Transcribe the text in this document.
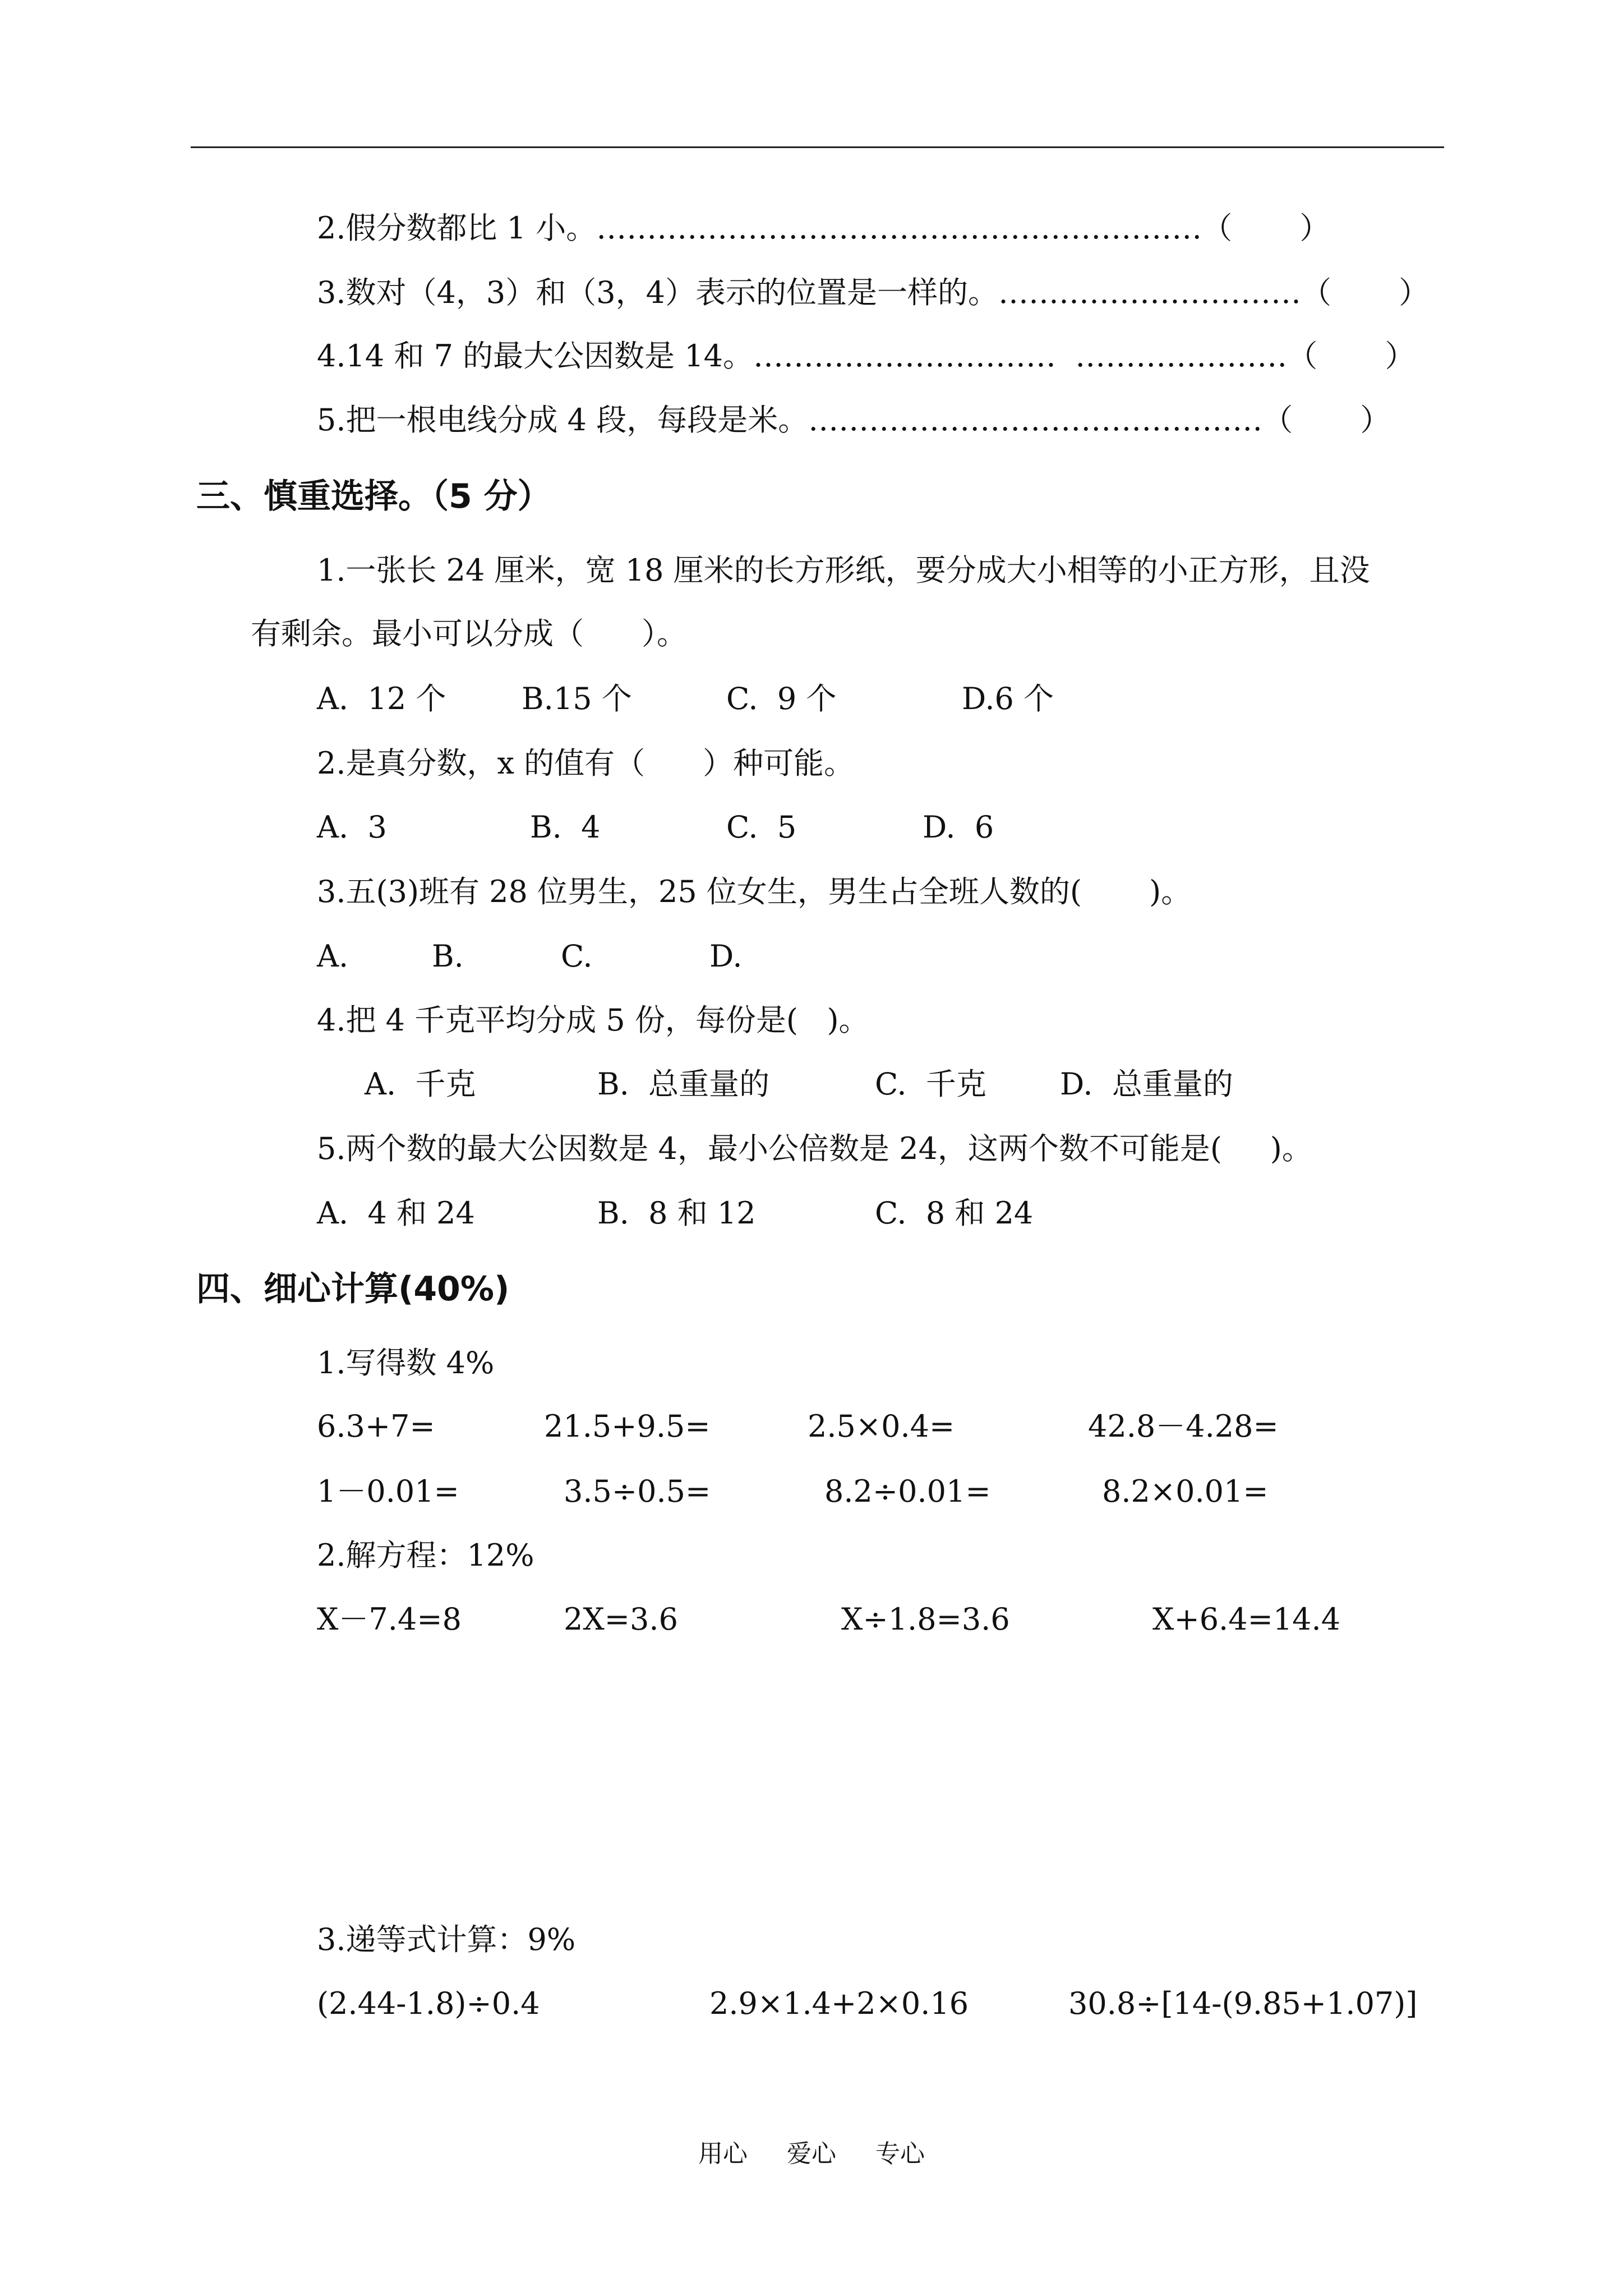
2.假分数都比 1 小。……………………………………………………（       ）
3.数对（4，3）和（3，4）表示的位置是一样的。…………………………（       ）
4.14 和 7 的最大公因数是 14。…………………………  …………………（       ）
5.把一根电线分成 4 段，每段是米。………………………………………（       ）
三、慎重选择。（5 分）
1.一张长 24 厘米，宽 18 厘米的长方形纸，要分成大小相等的小正方形，且没
有剩余。最小可以分成（      ）。
A.  12 个 B.15 个	C.  9 个	D.6 个
2.是真分数，x 的值有（      ）种可能。
A.  3	B.  4	C.  5	D.  6
3.五(3)班有 28 位男生，25 位女生，男生占全班人数的(       )。
A.	B.	C.	D.
4.把 4 千克平均分成 5 份，每份是(   )。
A.  千克	B.  总重量的	C.  千克 D.  总重量的
5.两个数的最大公因数是 4，最小公倍数是 24，这两个数不可能是(     )。
A.  4 和 24	B.  8 和 12	C.  8 和 24
四、细心计算(40%)
1.写得数 4%
6.3+7=	21.5+9.5=	2.5×0.4=	42.8－4.28=
1－0.01=	3.5÷0.5=	8.2÷0.01=	8.2×0.01=
2.解方程：12%
X－7.4=8	2X=3.6	X÷1.8=3.6	X+6.4=14.4
3.递等式计算：9%
(2.44-1.8)÷0.4	2.9×1.4+2×0.16	30.8÷[14-(9.85+1.07)]
用心 爱心 专心
